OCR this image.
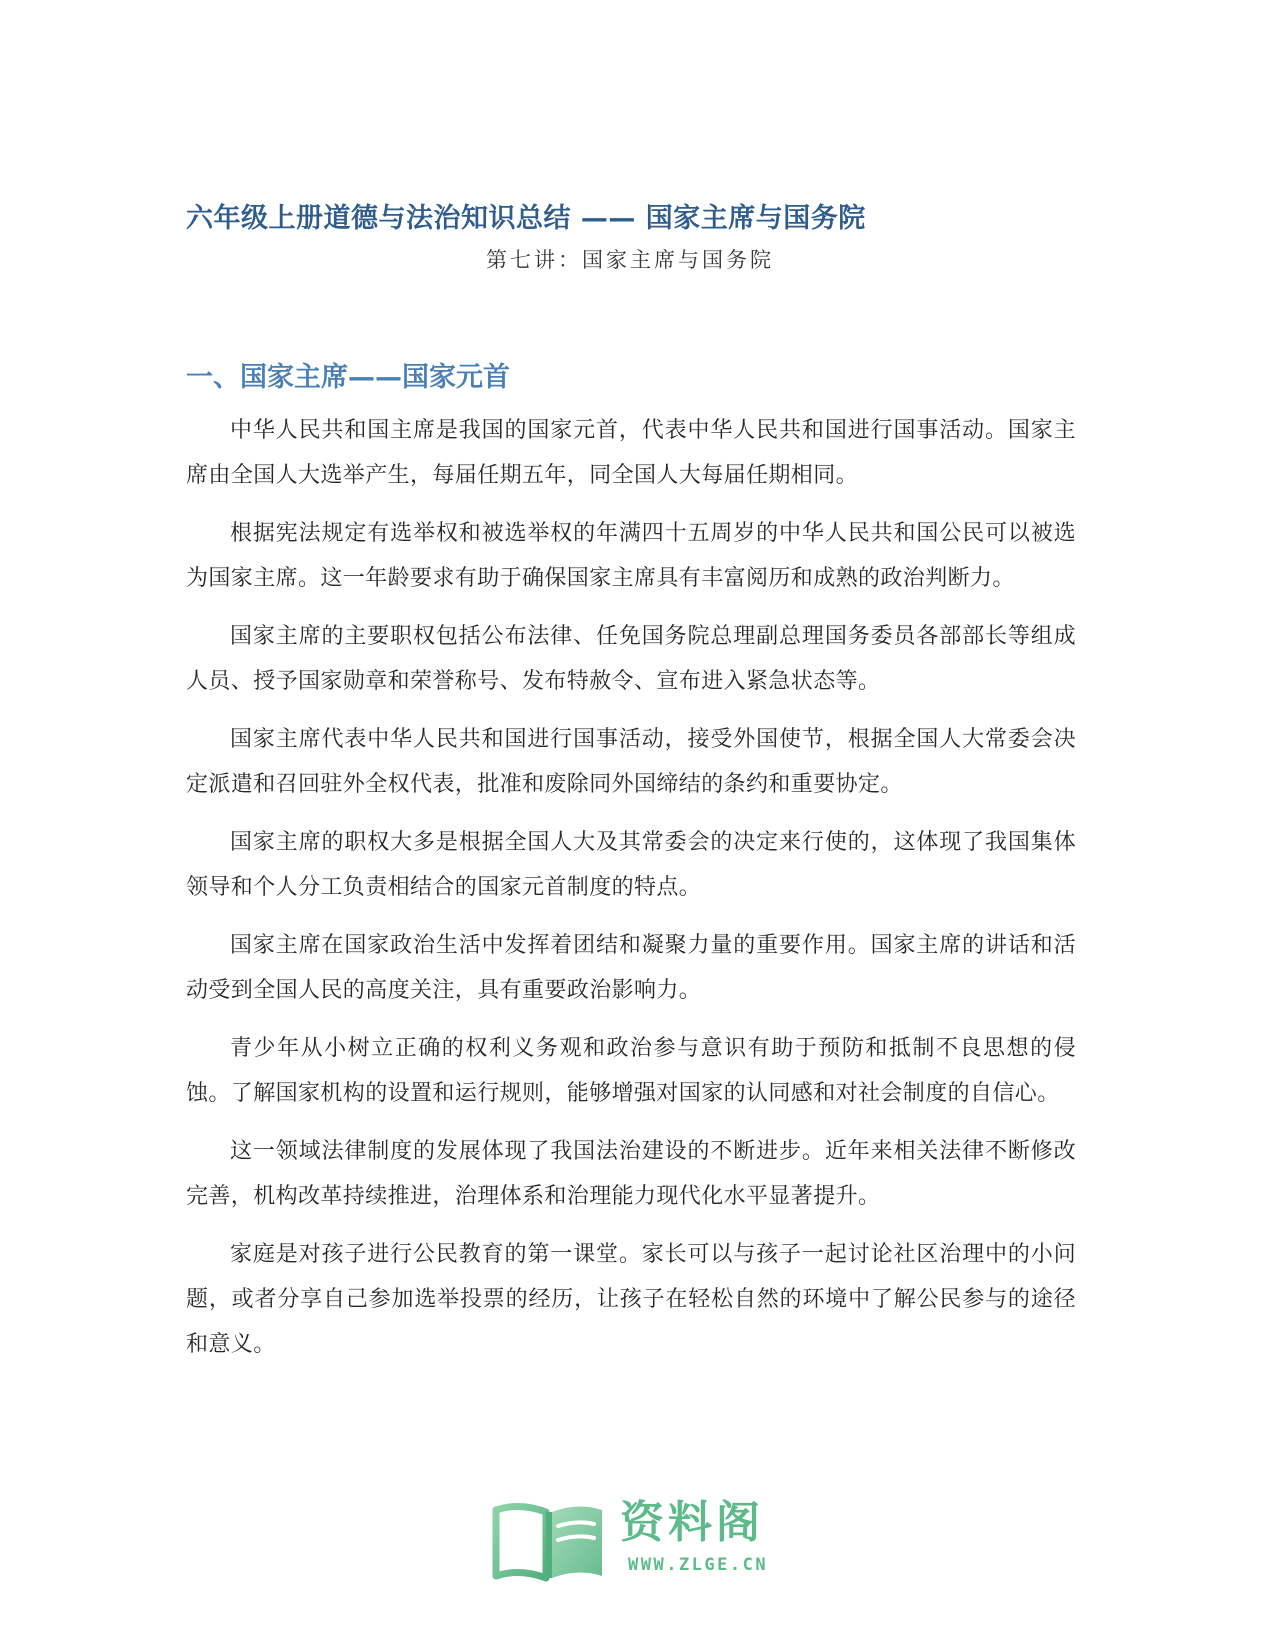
六年级上册道德与法治知识总结 —— 国家主席与国务院
第七讲：国家主席与国务院
一、国家主席——国家元首

中华人民共和国主席是我国的国家元首，代表中华人民共和国进行国事活动。国家主席由全国人大选举产生，每届任期五年，同全国人大每届任期相同。

根据宪法规定有选举权和被选举权的年满四十五周岁的中华人民共和国公民可以被选为国家主席。这一年龄要求有助于确保国家主席具有丰富阅历和成熟的政治判断力。

国家主席的主要职权包括公布法律、任免国务院总理副总理国务委员各部部长等组成人员、授予国家勋章和荣誉称号、发布特赦令、宣布进入紧急状态等。

国家主席代表中华人民共和国进行国事活动，接受外国使节，根据全国人大常委会决定派遣和召回驻外全权代表，批准和废除同外国缔结的条约和重要协定。

国家主席的职权大多是根据全国人大及其常委会的决定来行使的，这体现了我国集体领导和个人分工负责相结合的国家元首制度的特点。

国家主席在国家政治生活中发挥着团结和凝聚力量的重要作用。国家主席的讲话和活动受到全国人民的高度关注，具有重要政治影响力。

青少年从小树立正确的权利义务观和政治参与意识有助于预防和抵制不良思想的侵蚀。了解国家机构的设置和运行规则，能够增强对国家的认同感和对社会制度的自信心。

这一领域法律制度的发展体现了我国法治建设的不断进步。近年来相关法律不断修改完善，机构改革持续推进，治理体系和治理能力现代化水平显著提升。

家庭是对孩子进行公民教育的第一课堂。家长可以与孩子一起讨论社区治理中的小问题，或者分享自己参加选举投票的经历，让孩子在轻松自然的环境中了解公民参与的途径和意义。

资料阁
WWW.ZLGE.CN
